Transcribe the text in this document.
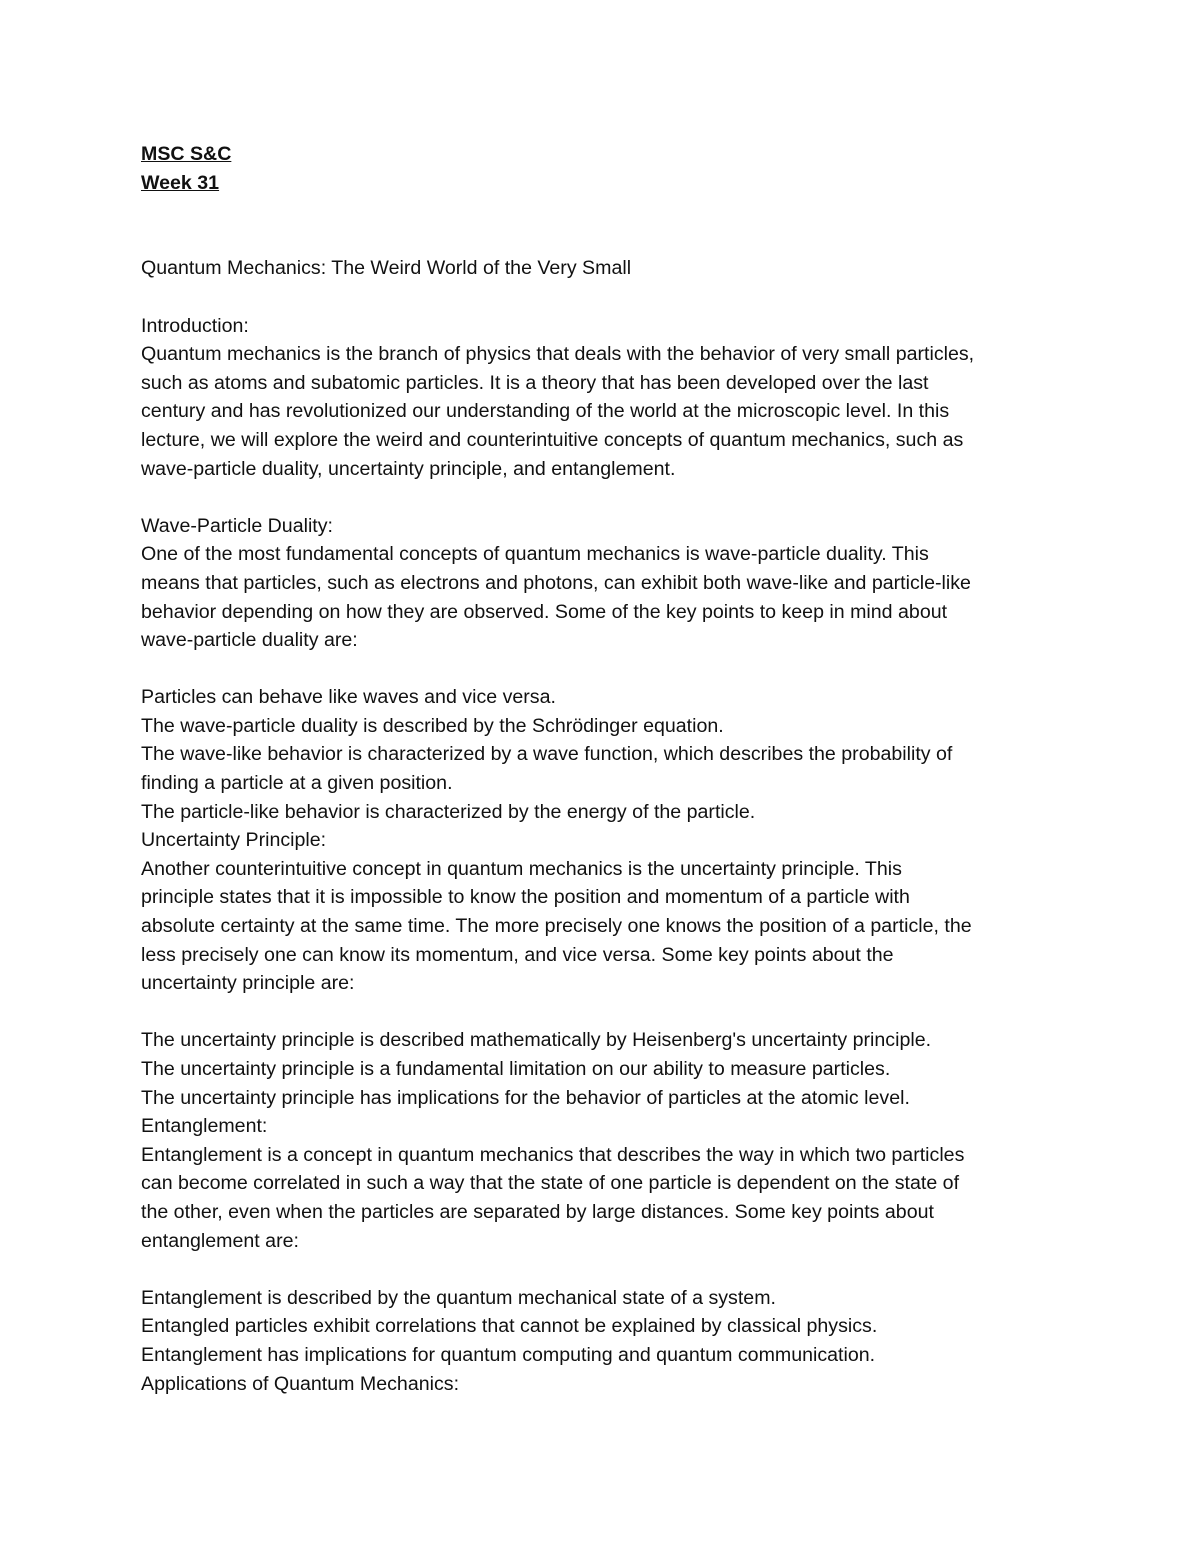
MSC S&C

Week 31

Quantum Mechanics: The Weird World of the Very Small

Introduction:

Quantum mechanics is the branch of physics that deals with the behavior of very small particles,

such as atoms and subatomic particles. It is a theory that has been developed over the last

century and has revolutionized our understanding of the world at the microscopic level. In this

lecture, we will explore the weird and counterintuitive concepts of quantum mechanics, such as

wave-particle duality, uncertainty principle, and entanglement.

Wave-Particle Duality:

One of the most fundamental concepts of quantum mechanics is wave-particle duality. This

means that particles, such as electrons and photons, can exhibit both wave-like and particle-like

behavior depending on how they are observed. Some of the key points to keep in mind about

wave-particle duality are:

Particles can behave like waves and vice versa.

The wave-particle duality is described by the Schrödinger equation.

The wave-like behavior is characterized by a wave function, which describes the probability of

finding a particle at a given position.

The particle-like behavior is characterized by the energy of the particle.

Uncertainty Principle:

Another counterintuitive concept in quantum mechanics is the uncertainty principle. This

principle states that it is impossible to know the position and momentum of a particle with

absolute certainty at the same time. The more precisely one knows the position of a particle, the

less precisely one can know its momentum, and vice versa. Some key points about the

uncertainty principle are:

The uncertainty principle is described mathematically by Heisenberg's uncertainty principle.

The uncertainty principle is a fundamental limitation on our ability to measure particles.

The uncertainty principle has implications for the behavior of particles at the atomic level.

Entanglement:

Entanglement is a concept in quantum mechanics that describes the way in which two particles

can become correlated in such a way that the state of one particle is dependent on the state of

the other, even when the particles are separated by large distances. Some key points about

entanglement are:

Entanglement is described by the quantum mechanical state of a system.

Entangled particles exhibit correlations that cannot be explained by classical physics.

Entanglement has implications for quantum computing and quantum communication.

Applications of Quantum Mechanics:
